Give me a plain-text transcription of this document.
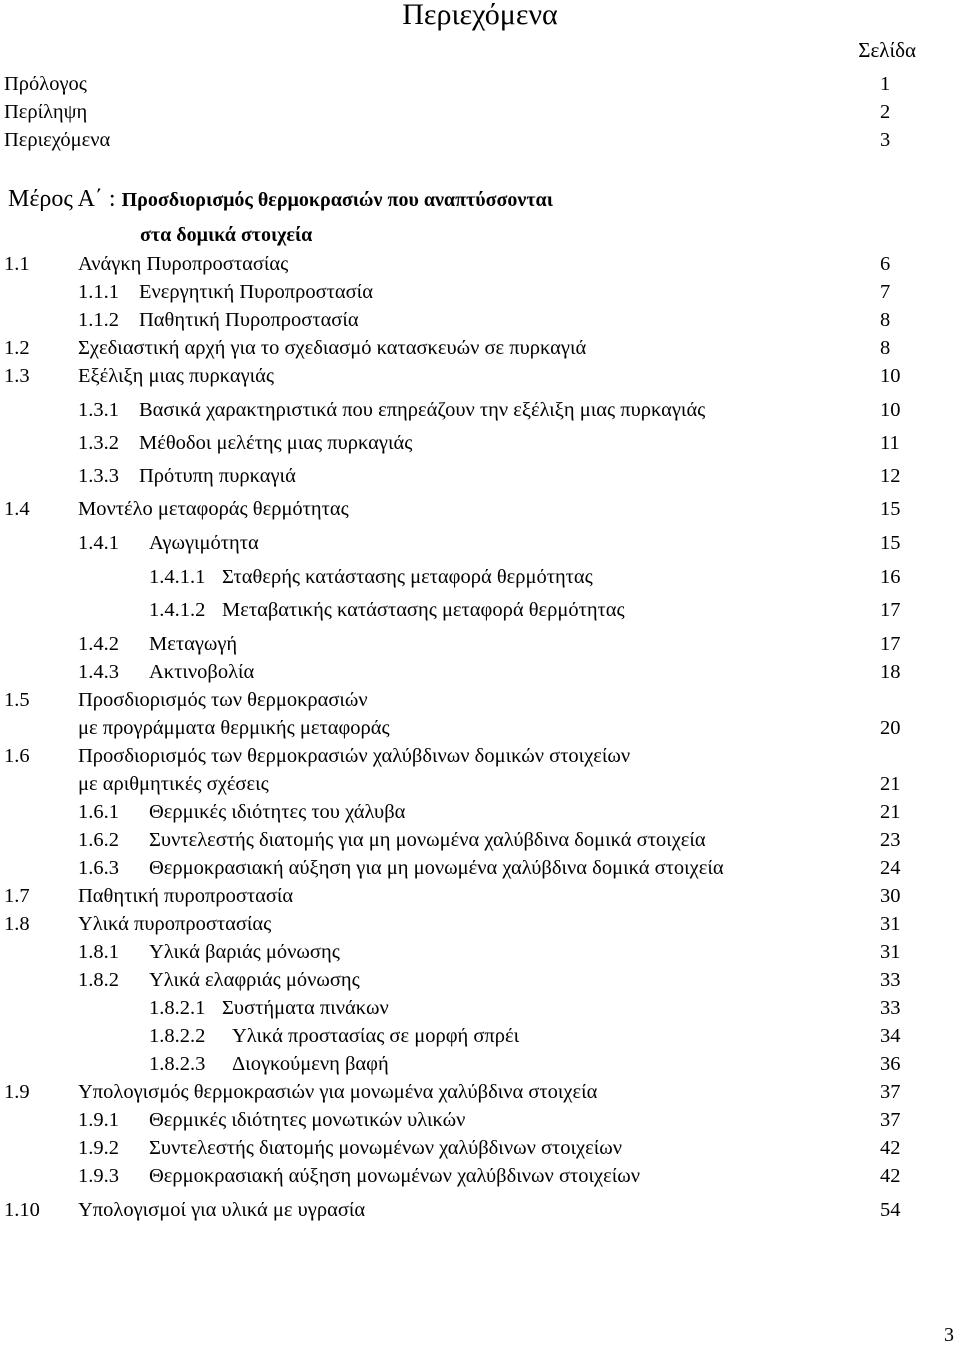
Περιεχόμενα
Σελίδα
Πρόλογος	1
Περίληψη	2
Περιεχόμενα	3
Μέρος Α΄ : Προσδιορισμός θερμοκρασιών που αναπτύσσονται
στα δομικά στοιχεία
1.1 Ανάγκη Πυροπροστασίας	6
1.1.1 Ενεργητική Πυροπροστασία	7
1.1.2 Παθητική Πυροπροστασία	8
1.2 Σχεδιαστική αρχή για το σχεδιασμό κατασκευών σε πυρκαγιά	8
1.3 Εξέλιξη μιας πυρκαγιάς	10
1.3.1 Βασικά χαρακτηριστικά που επηρεάζουν την εξέλιξη μιας πυρκαγιάς	10
1.3.2 Μέθοδοι μελέτης μιας πυρκαγιάς	11
1.3.3 Πρότυπη πυρκαγιά	12
1.4 Μοντέλο μεταφοράς θερμότητας	15
1.4.1 Αγωγιμότητα	15
1.4.1.1 Σταθερής κατάστασης μεταφορά θερμότητας	16
1.4.1.2 Μεταβατικής κατάστασης μεταφορά θερμότητας	17
1.4.2 Μεταγωγή	17
1.4.3 Ακτινοβολία	18
1.5 Προσδιορισμός των θερμοκρασιών
με προγράμματα θερμικής μεταφοράς	20
1.6 Προσδιορισμός των θερμοκρασιών χαλύβδινων δομικών στοιχείων
με αριθμητικές σχέσεις	21
1.6.1 Θερμικές ιδιότητες του χάλυβα	21
1.6.2 Συντελεστής διατομής για μη μονωμένα χαλύβδινα δομικά στοιχεία	23
1.6.3 Θερμοκρασιακή αύξηση για μη μονωμένα χαλύβδινα δομικά στοιχεία	24
1.7 Παθητική πυροπροστασία	30
1.8 Υλικά πυροπροστασίας	31
1.8.1 Υλικά βαριάς μόνωσης	31
1.8.2 Υλικά ελαφριάς μόνωσης	33
1.8.2.1 Συστήματα πινάκων	33
1.8.2.2 Υλικά προστασίας σε μορφή σπρέι	34
1.8.2.3 Διογκούμενη βαφή	36
1.9 Υπολογισμός θερμοκρασιών για μονωμένα χαλύβδινα στοιχεία	37
1.9.1 Θερμικές ιδιότητες μονωτικών υλικών	37
1.9.2 Συντελεστής διατομής μονωμένων χαλύβδινων στοιχείων	42
1.9.3 Θερμοκρασιακή αύξηση μονωμένων χαλύβδινων στοιχείων	42
1.10 Υπολογισμοί για υλικά με υγρασία	54
3
